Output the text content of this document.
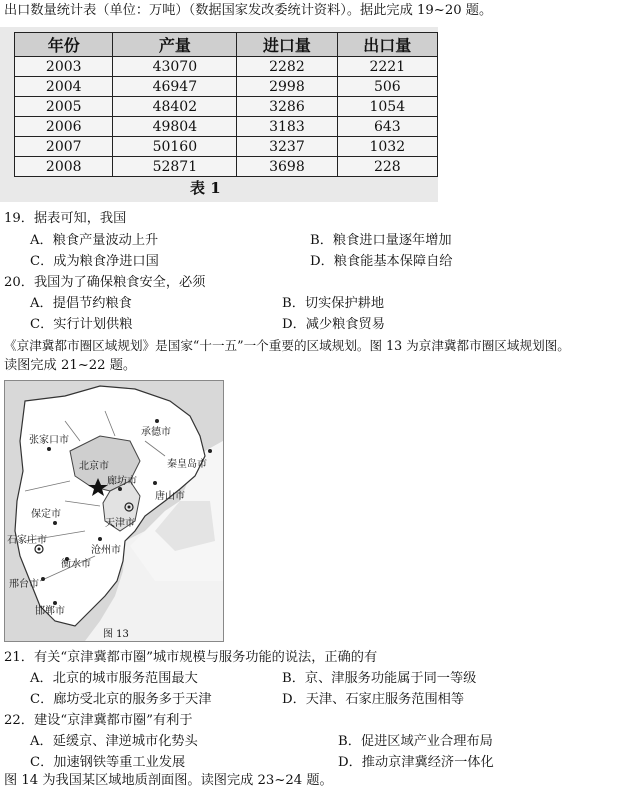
出口数量统计表（单位：万吨）（数据国家发改委统计资料）。据此完成 19~20 题。
年份	产量	进口量	出口量
2003	43070	2282	2221
2004	46947	2998	506
2005	48402	3286	1054
2006	49804	3183	643
2007	50160	3237	1032
2008	52871	3698	228
表 1
19．据表可知，我国
A．粮食产量波动上升	B．粮食进口量逐年增加
C．成为粮食净进口国	D．粮食能基本保障自给
20．我国为了确保粮食安全，必须
A．提倡节约粮食	B．切实保护耕地
C．实行计划供粮	D．减少粮食贸易
《京津冀都市圈区域规划》是国家“十一五”一个重要的区域规划。图 13 为京津冀都市圈区域规划图。
读图完成 21~22 题。
承德市
张家口市
北京市	秦皇岛市
廊坊市
唐山市
保定市
天津市
石家庄市
沧州市
衡水市
邢台市
邯郸市
图 13
21．有关“京津冀都市圈”城市规模与服务功能的说法，正确的有
A．北京的城市服务范围最大	B．京、津服务功能属于同一等级
C．廊坊受北京的服务多于天津	D．天津、石家庄服务范围相等
22．建设“京津冀都市圈”有利于
A．延缓京、津逆城市化势头	B．促进区域产业合理布局
C．加速钢铁等重工业发展	D．推动京津冀经济一体化
图 14 为我国某区域地质剖面图。读图完成 23~24 题。
